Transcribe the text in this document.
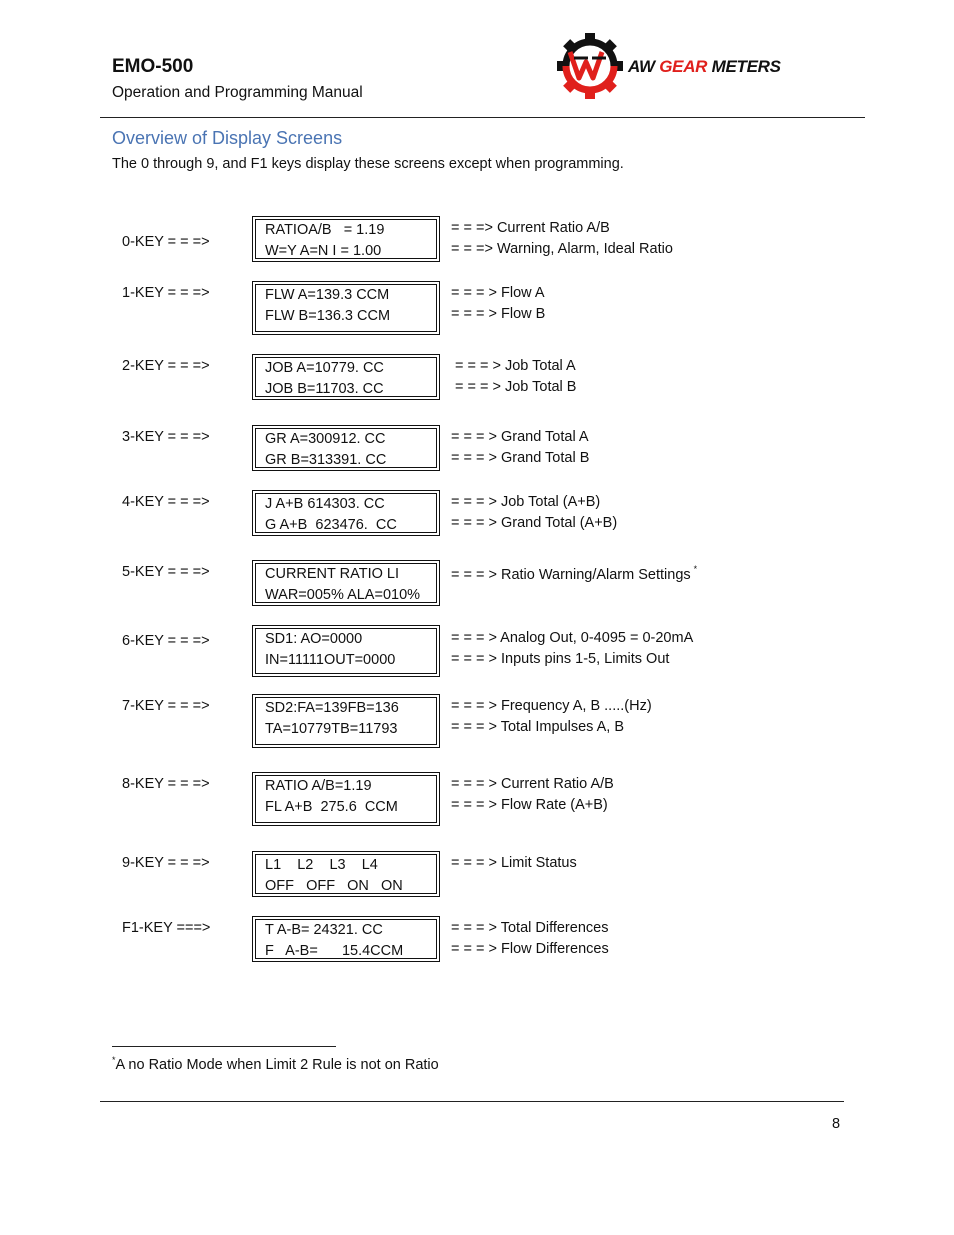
EMO-500
Operation and Programming Manual
AW GEAR METERS
Overview of Display Screens
The 0 through 9, and F1 keys display these screens except when programming.
0-KEY = = =>
RATIOA/B   = 1.19
W=Y A=N I = 1.00
= = => Current Ratio A/B
= = => Warning, Alarm, Ideal Ratio
1-KEY = = =>	FLW A=139.3 CCM
FLW B=136.3 CCM
= = = > Flow A
= = = > Flow B
2-KEY = = =>	JOB A=10779. CC
JOB B=11703. CC
= = = > Job Total A
= = = > Job Total B
3-KEY = = =>	GR A=300912. CC
GR B=313391. CC
= = = > Grand Total A
= = = > Grand Total B
4-KEY = = =>	J A+B 614303. CC
G A+B  623476.  CC
= = = > Job Total (A+B)
= = = > Grand Total (A+B)
5-KEY = = =>	CURRENT RATIO LI
WAR=005% ALA=010%
= = = > Ratio Warning/Alarm Settings *
6-KEY = = =>	SD1: AO=0000
IN=11111OUT=0000
= = = > Analog Out, 0-4095 = 0-20mA
= = = > Inputs pins 1-5, Limits Out
7-KEY = = =>	SD2:FA=139FB=136
TA=10779TB=11793
= = = > Frequency A, B .....(Hz)
= = = > Total Impulses A, B
8-KEY = = =>	RATIO A/B=1.19
FL A+B  275.6  CCM
= = = > Current Ratio A/B
= = = > Flow Rate (A+B)
9-KEY = = =>	L1    L2    L3    L4
OFF   OFF   ON   ON
= = = > Limit Status
F1-KEY ===>	T A-B= 24321. CC
F   A-B=      15.4CCM
= = = > Total Differences
= = = > Flow Differences
*A no Ratio Mode when Limit 2 Rule is not on Ratio
8
